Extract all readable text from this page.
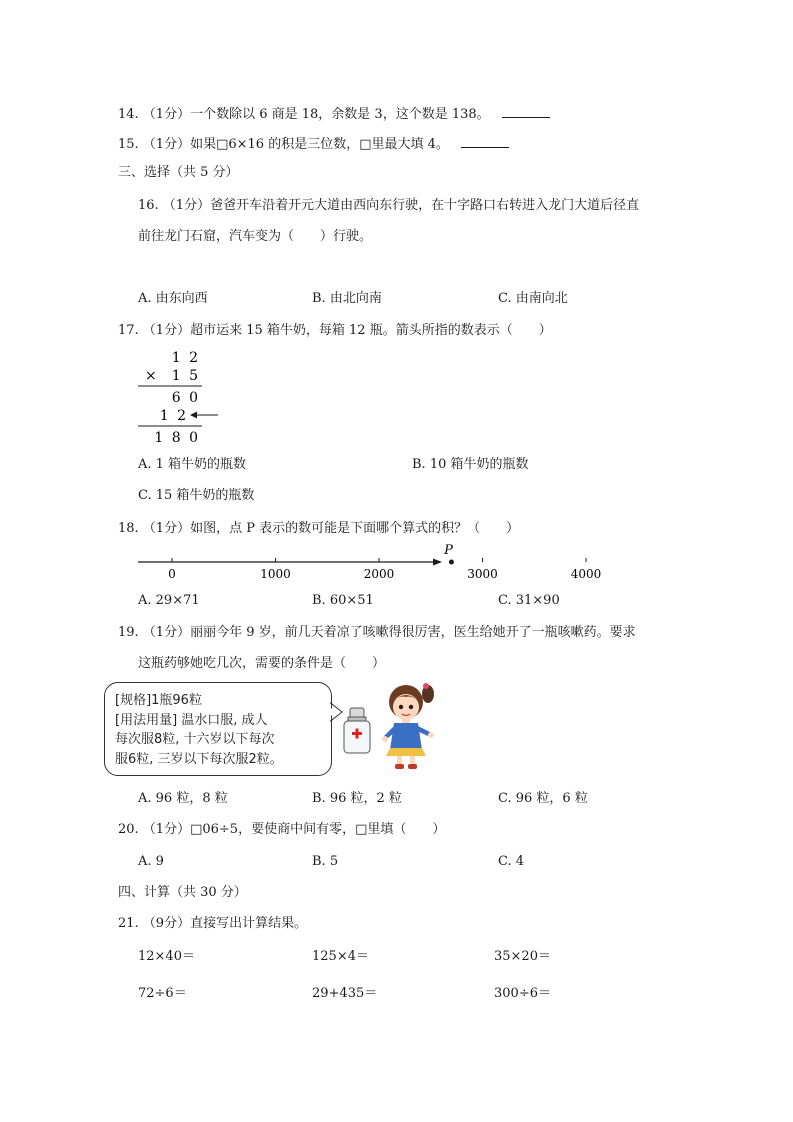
14. （1分）一个数除以 6 商是 18，余数是 3，这个数是 138。
15. （1分）如果□6×16 的积是三位数，□里最大填 4。
三、选择（共 5 分）
16. （1分）爸爸开车沿着开元大道由西向东行驶，在十字路口右转进入龙门大道后径直
前往龙门石窟，汽车变为（　　）行驶。
A. 由东向西	B. 由北向南	C. 由南向北
17. （1分）超市运来 15 箱牛奶，每箱 12 瓶。箭头所指的数表示（　　）
1 2
× 1 5
6 0
1 2
1 8 0
A. 1 箱牛奶的瓶数	B. 10 箱牛奶的瓶数
C. 15 箱牛奶的瓶数
18. （1分）如图，点 P 表示的数可能是下面哪个算式的积？（　　）
0	1000	2000	3000	4000
P
A. 29×71	B. 60×51	C. 31×90
19. （1分）丽丽今年 9 岁，前几天着凉了咳嗽得很厉害，医生给她开了一瓶咳嗽药。要求
这瓶药够她吃几次，需要的条件是（　　）
[规格]1瓶96粒
[用法用量] 温水口服, 成人
每次服8粒, 十六岁以下每次
服6粒, 三岁以下每次服2粒。
A. 96 粒，8 粒	B. 96 粒，2 粒	C. 96 粒，6 粒
20. （1分）□06÷5，要使商中间有零，□里填（　　）
A. 9	B. 5	C. 4
四、计算（共 30 分）
21. （9分）直接写出计算结果。
12×40＝	125×4＝	35×20＝
72÷6＝	29+435＝	300÷6＝
